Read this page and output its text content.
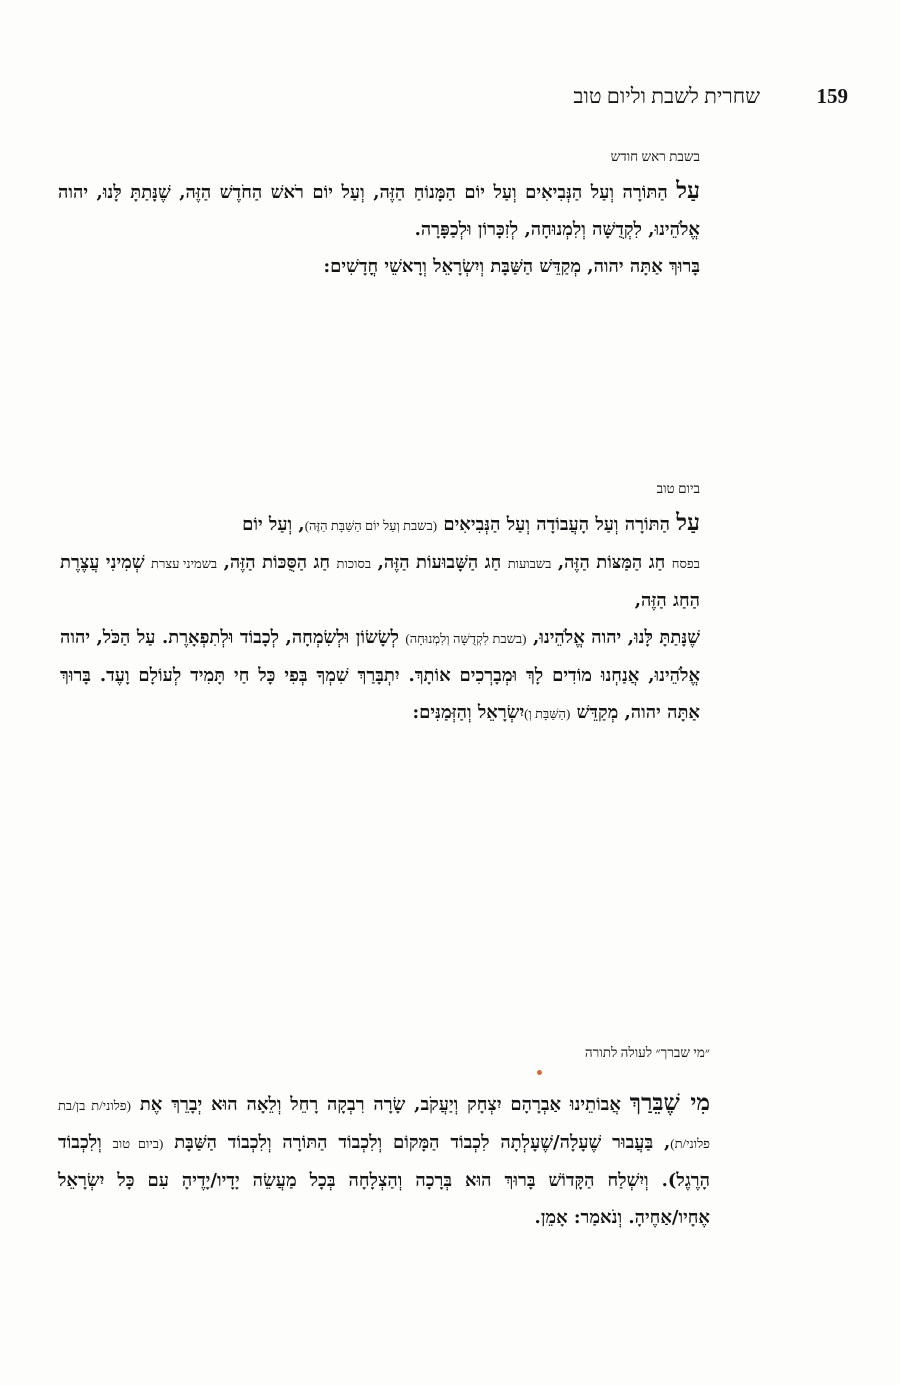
159
שחרית לשבת וליום טוב

בשבת ראש חודש

עַל הַתּוֹרָה וְעַל הַנְּבִיאִים וְעַל יוֹם הַמָּנוֹחַ הַזֶּה, וְעַל יוֹם רֹאשׁ הַחֹדֶשׁ הַזֶּה, שֶׁנָּתַתָּ לָּנוּ, יהוה אֱלֹהֵינוּ, לִקְדֻשָּׁה וְלִמְנוּחָה, לְזִכָּרוֹן וּלְכַפָּרָה.

בָּרוּךְ אַתָּה יהוה, מְקַדֵּשׁ הַשַּׁבָּת וְיִשְׂרָאֵל וְרָאשֵׁי חֳדָשִׁים:

ביום טוב

עַל הַתּוֹרָה וְעַל הָעֲבוֹדָה וְעַל הַנְּבִיאִים (בשבת וְעַל יוֹם הַשַּׁבָּת הַזֶּה), וְעַל יוֹם
בפסח חַג הַמַּצּוֹת הַזֶּה, בשבועות חַג הַשָּׁבוּעוֹת הַזֶּה, בסוכות חַג הַסֻּכּוֹת הַזֶּה, בשמיני עצרת שְׁמִינִי עֲצֶרֶת הַחַג הַזֶּה,
שֶׁנָּתַתָּ לָּנוּ, יהוה אֱלֹהֵינוּ, (בשבת לִקְדֻשָּׁה וְלִמְנוּחָה) לְשָׂשׂוֹן וּלְשִׂמְחָה, לְכָבוֹד וּלְתִפְאָרֶת. עַל הַכֹּל, יהוה אֱלֹהֵינוּ, אֲנַחְנוּ מוֹדִים לָךְ וּמְבָרְכִים אוֹתָךְ. יִתְבָּרַךְ שִׁמְךָ בְּפִי כָּל חַי תָּמִיד לְעוֹלָם וָעֶד. בָּרוּךְ אַתָּה יהוה, מְקַדֵּשׁ (הַשַּׁבָּת וְ)יִשְׂרָאֵל וְהַזְּמַנִּים:

״מי שברך״ לעולה לתורה

מִי שֶׁבֵּרַךְ אֲבוֹתֵינוּ אַבְרָהָם יִצְחָק וְיַעֲקֹב, שָׂרָה רִבְקָה רָחֵל וְלֵאָה הוּא יְבָרֵךְ אֶת (פלוני/ת בן/בת פלוני/ת), בַּעֲבוּר שֶׁעָלָה/שֶׁעָלְתָה לִכְבוֹד הַמָּקוֹם וְלִכְבוֹד הַתּוֹרָה וְלִכְבוֹד הַשַּׁבָּת (ביום טוב וְלִכְבוֹד הָרֶגֶל). וְיִשְׁלַח הַקָּדוֹשׁ בָּרוּךְ הוּא בְּרָכָה וְהַצְלָחָה בְּכָל מַעֲשֵׂה יָדָיו/יָדֶיהָ עִם כָּל יִשְׂרָאֵל אֶחָיו/אַחֶיהָ. וְנֹאמַר: אָמֵן.
